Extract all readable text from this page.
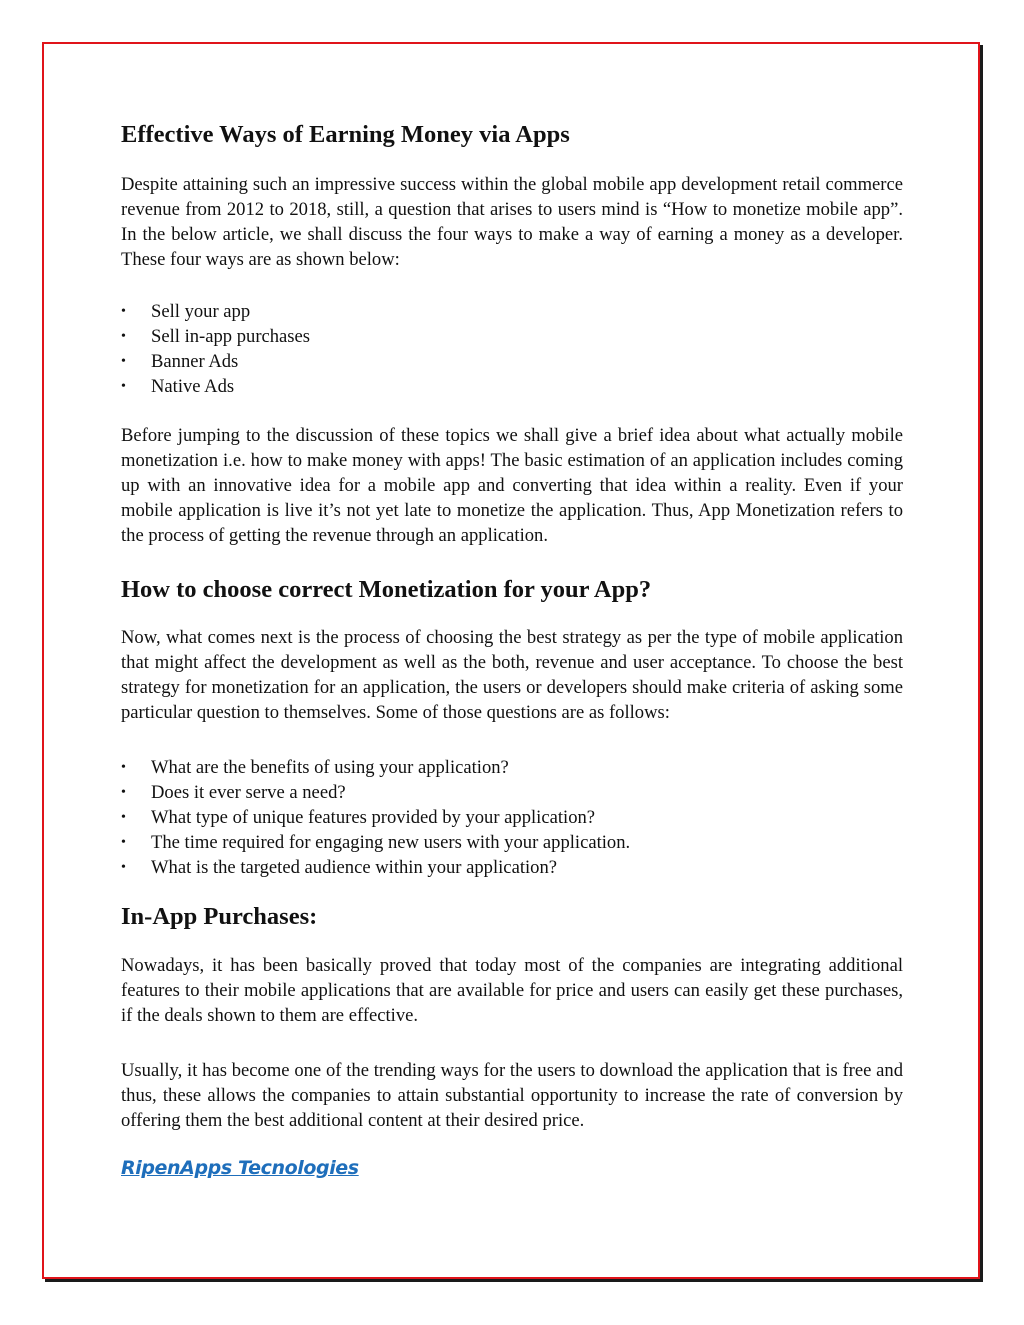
Effective Ways of Earning Money via Apps

Despite attaining such an impressive success within the global mobile app development retail commerce revenue from 2012 to 2018, still, a question that arises to users mind is “How to monetize mobile app”. In the below article, we shall discuss the four ways to make a way of earning a money as a developer. These four ways are as shown below:

•	Sell your app
•	Sell in-app purchases
•	Banner Ads
•	Native Ads

Before jumping to the discussion of these topics we shall give a brief idea about what actually mobile monetization i.e. how to make money with apps! The basic estimation of an application includes coming up with an innovative idea for a mobile app and converting that idea within a reality. Even if your mobile application is live it’s not yet late to monetize the application. Thus, App Monetization refers to the process of getting the revenue through an application.

How to choose correct Monetization for your App?

Now, what comes next is the process of choosing the best strategy as per the type of mobile application that might affect the development as well as the both, revenue and user acceptance. To choose the best strategy for monetization for an application, the users or developers should make criteria of asking some particular question to themselves. Some of those questions are as follows:

•	What are the benefits of using your application?
•	Does it ever serve a need?
•	What type of unique features provided by your application?
•	The time required for engaging new users with your application.
•	What is the targeted audience within your application?
In-App Purchases:

Nowadays, it has been basically proved that today most of the companies are integrating additional features to their mobile applications that are available for price and users can easily get these purchases, if the deals shown to them are effective.

Usually, it has become one of the trending ways for the users to download the application that is free and thus, these allows the companies to attain substantial opportunity to increase the rate of conversion by offering them the best additional content at their desired price.

RipenApps Tecnologies
